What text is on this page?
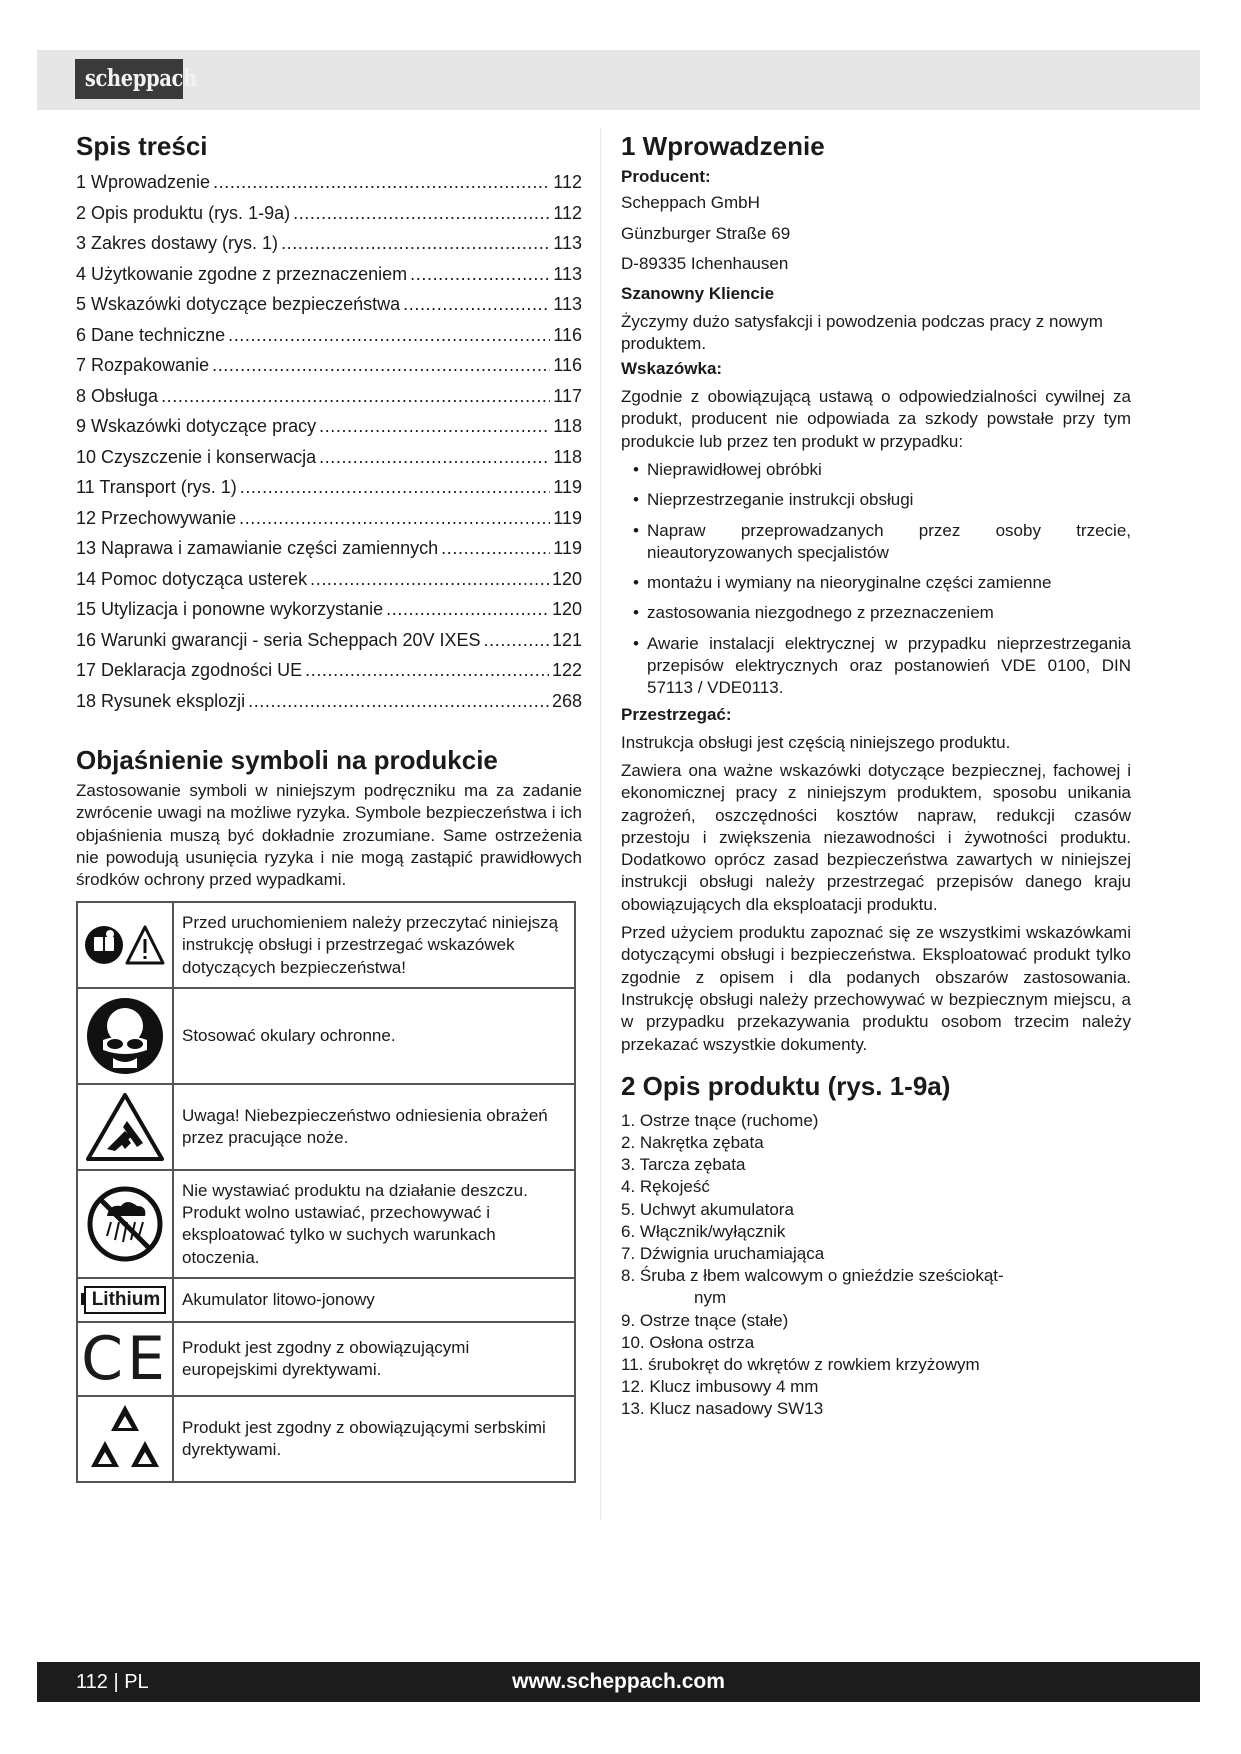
scheppach
Spis treści
1 Wprowadzenie .....	112
2 Opis produktu (rys. 1-9a) .....	112
3 Zakres dostawy (rys. 1) .....	113
4 Użytkowanie zgodne z przeznaczeniem .....	113
5 Wskazówki dotyczące bezpieczeństwa .....	113
6 Dane techniczne .....	116
7 Rozpakowanie .....	116
8 Obsługa .....	117
9 Wskazówki dotyczące pracy .....	118
10 Czyszczenie i konserwacja .....	118
11 Transport (rys. 1) .....	119
12 Przechowywanie .....	119
13 Naprawa i zamawianie części zamiennych .....	119
14 Pomoc dotycząca usterek .....	120
15 Utylizacja i ponowne wykorzystanie .....	120
16 Warunki gwarancji - seria Scheppach 20V IXES .....	121
17 Deklaracja zgodności UE .....	122
18 Rysunek eksplozji .....	268
Objaśnienie symboli na produkcie

Zastosowanie symboli w niniejszym podręczniku ma za zadanie zwrócenie uwagi na możliwe ryzyka. Symbole bezpieczeństwa i ich objaśnienia muszą być dokładnie zrozumiane. Same ostrzeżenia nie powodują usunięcia ryzyka i nie mogą zastąpić prawidłowych środków ochrony przed wypadkami.

	Przed uruchomieniem należy przeczytać niniejszą instrukcję obsługi i przestrzegać wskazówek dotyczących bezpieczeństwa!

	Stosować okulary ochronne.

	Uwaga! Niebezpieczeństwo odniesienia obrażeń przez pracujące noże.

	Nie wystawiać produktu na działanie deszczu. Produkt wolno ustawiać, przechowywać i eksploatować tylko w suchych warunkach otoczenia.

Lithium	Akumulator litowo-jonowy
CE	Produkt jest zgodny z obowiązującymi europejskimi dyrektywami.

	Produkt jest zgodny z obowiązującymi serbskimi dyrektywami.
1 Wprowadzenie

Producent:

Scheppach GmbH

Günzburger Straße 69

D-89335 Ichenhausen

Szanowny Kliencie

Życzymy dużo satysfakcji i powodzenia podczas pracy z nowym produktem.

Wskazówka:

Zgodnie z obowiązującą ustawą o odpowiedzialności cywilnej za produkt, producent nie odpowiada za szkody powstałe przy tym produkcie lub przez ten produkt w przypadku:

• Nieprawidłowej obróbki
• Nieprzestrzeganie instrukcji obsługi
• Napraw przeprowadzanych przez osoby trzecie, nieautoryzowanych specjalistów
• montażu i wymiany na nieoryginalne części zamienne
• zastosowania niezgodnego z przeznaczeniem
• Awarie instalacji elektrycznej w przypadku nieprzestrzegania przepisów elektrycznych oraz postanowień VDE 0100, DIN 57113 / VDE0113.

Przestrzegać:

Instrukcja obsługi jest częścią niniejszego produktu.

Zawiera ona ważne wskazówki dotyczące bezpiecznej, fachowej i ekonomicznej pracy z niniejszym produktem, sposobu unikania zagrożeń, oszczędności kosztów napraw, redukcji czasów przestoju i zwiększenia niezawodności i żywotności produktu. Dodatkowo oprócz zasad bezpieczeństwa zawartych w niniejszej instrukcji obsługi należy przestrzegać przepisów danego kraju obowiązujących dla eksploatacji produktu.

Przed użyciem produktu zapoznać się ze wszystkimi wskazówkami dotyczącymi obsługi i bezpieczeństwa. Eksploatować produkt tylko zgodnie z opisem i dla podanych obszarów zastosowania. Instrukcję obsługi należy przechowywać w bezpiecznym miejscu, a w przypadku przekazywania produktu osobom trzecim należy przekazać wszystkie dokumenty.

2 Opis produktu (rys. 1-9a)
1. Ostrze tnące (ruchome)
2. Nakrętka zębata
3. Tarcza zębata
4. Rękojeść
5. Uchwyt akumulatora
6. Włącznik/wyłącznik
7. Dźwignia uruchamiająca
8. Śruba z łbem walcowym o gnieździe sześciokąt-
nym
9. Ostrze tnące (stałe)
10. Osłona ostrza
11. śrubokręt do wkrętów z rowkiem krzyżowym
12. Klucz imbusowy 4 mm
13. Klucz nasadowy SW13
112 | PL	www.scheppach.com
